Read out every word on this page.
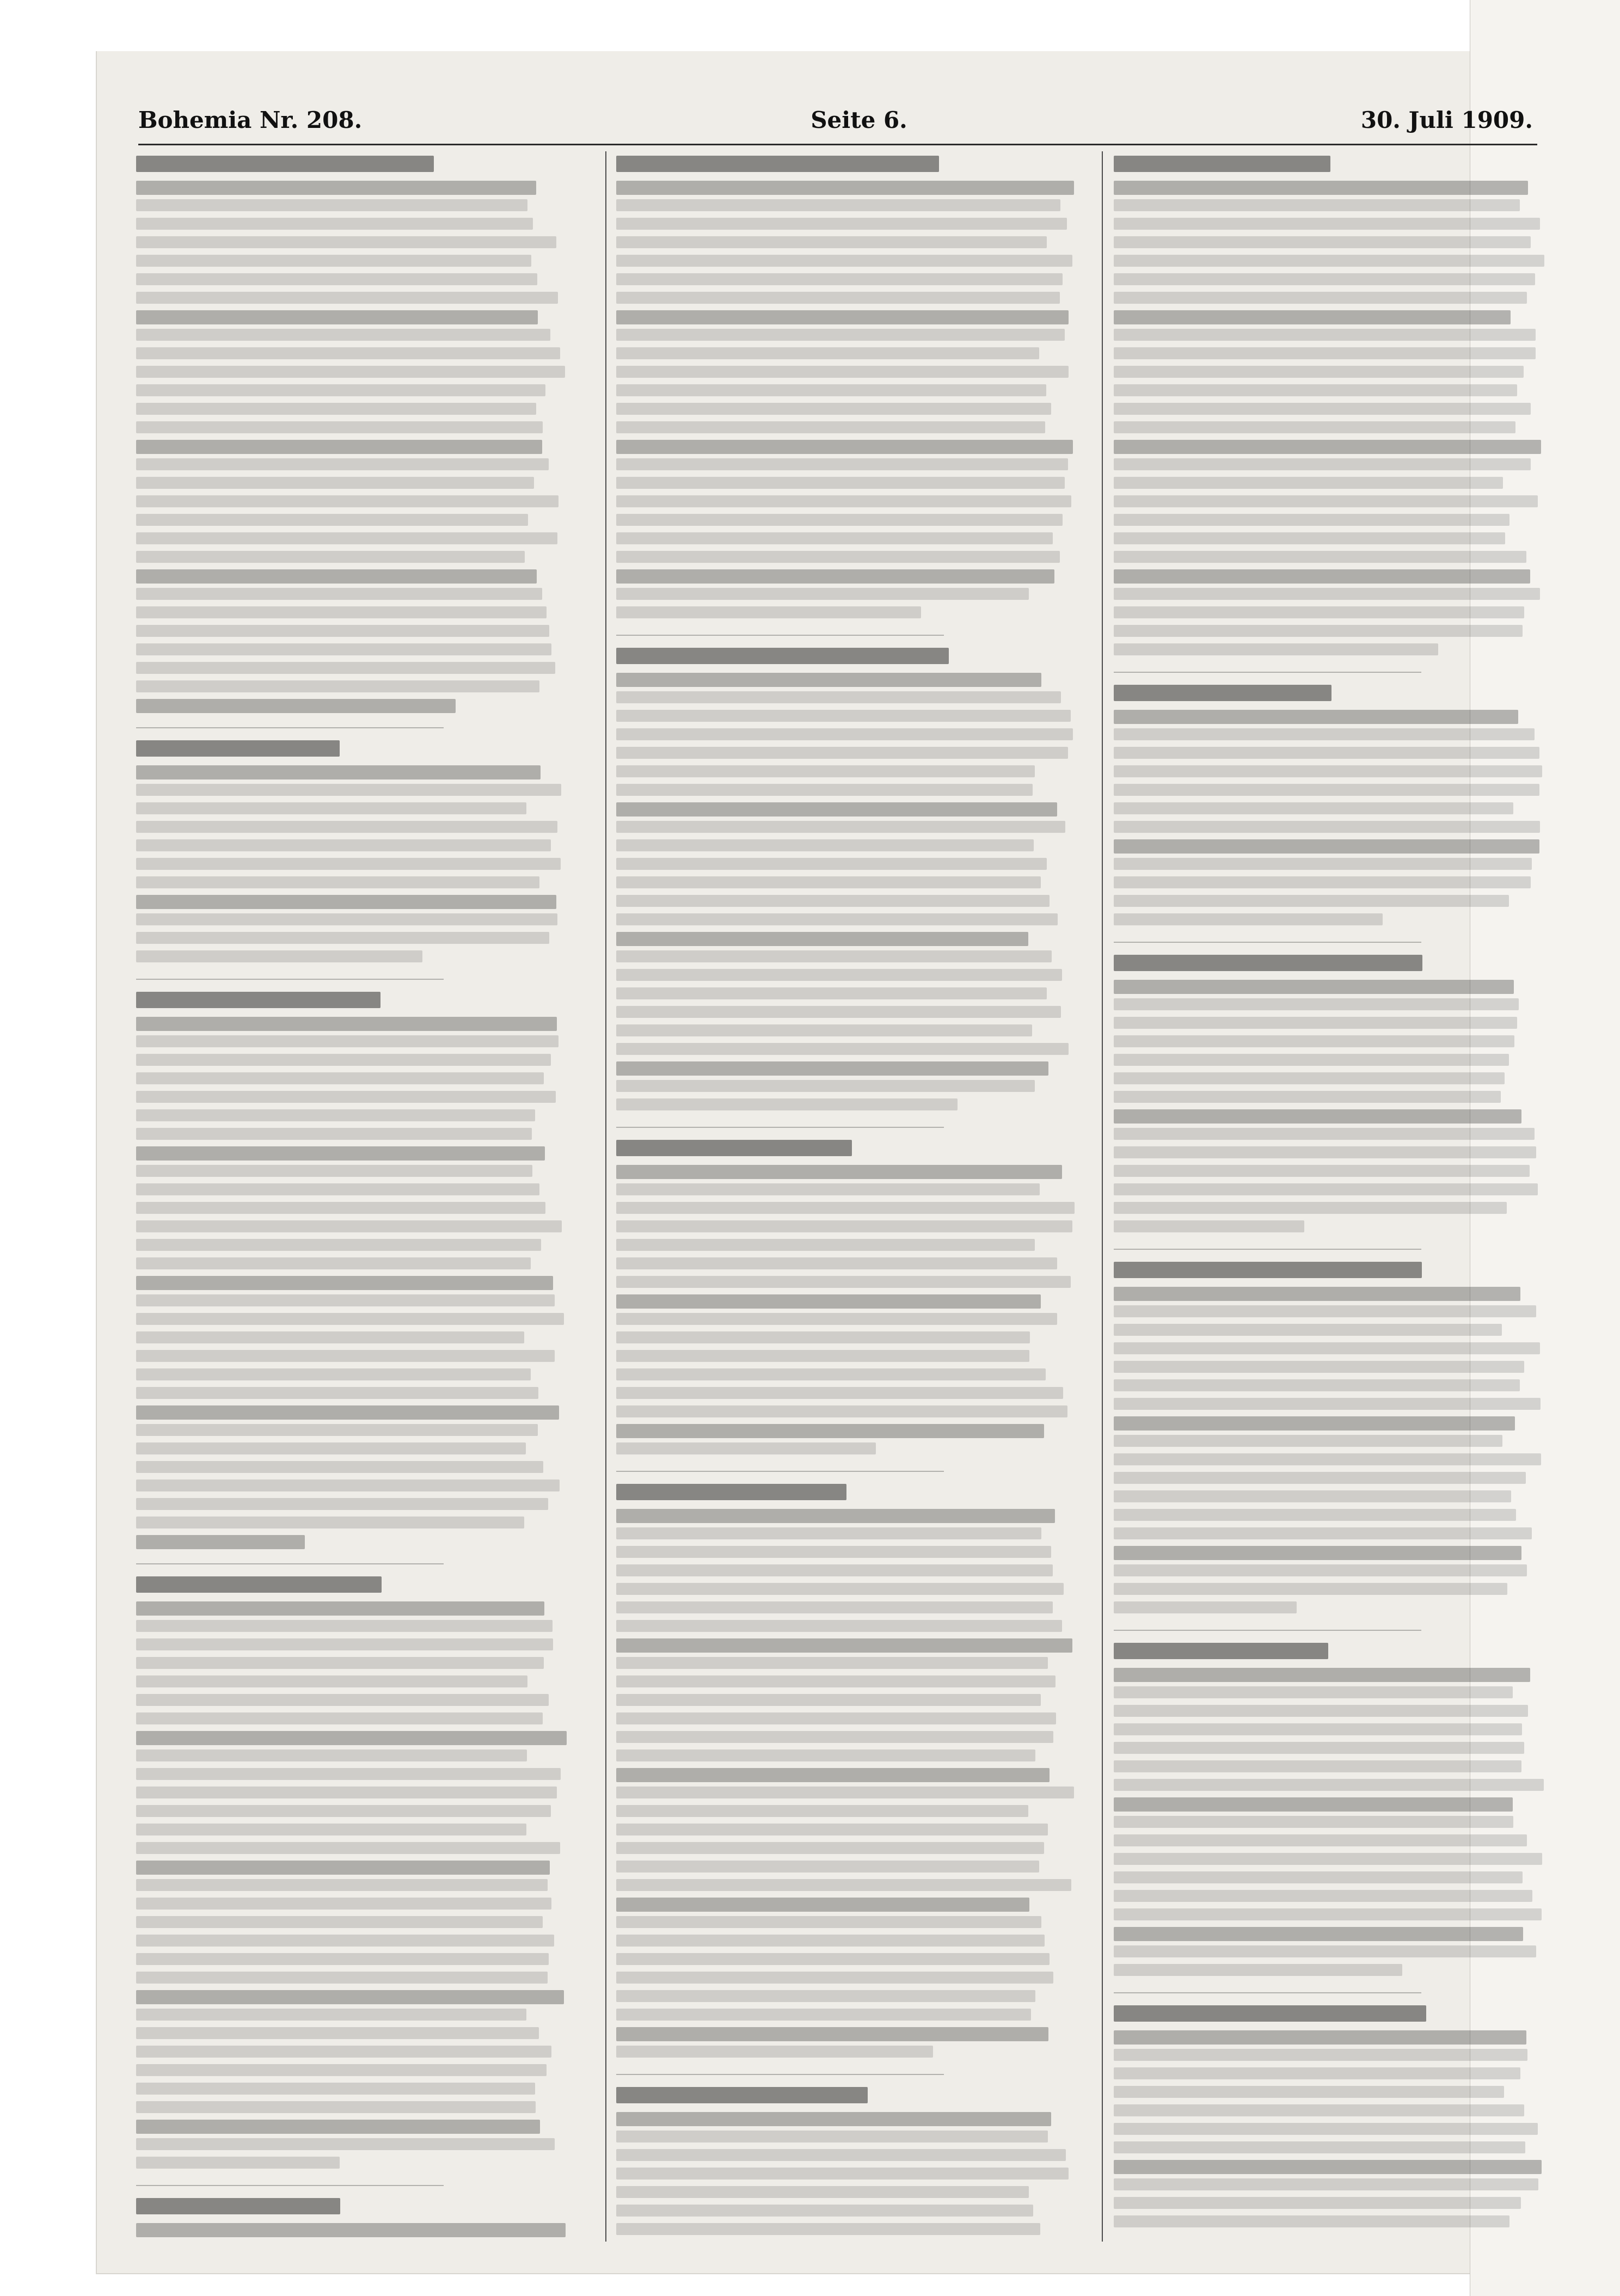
Bohemia Nr. 208.	Seite 6.	30. Juli 1909.
